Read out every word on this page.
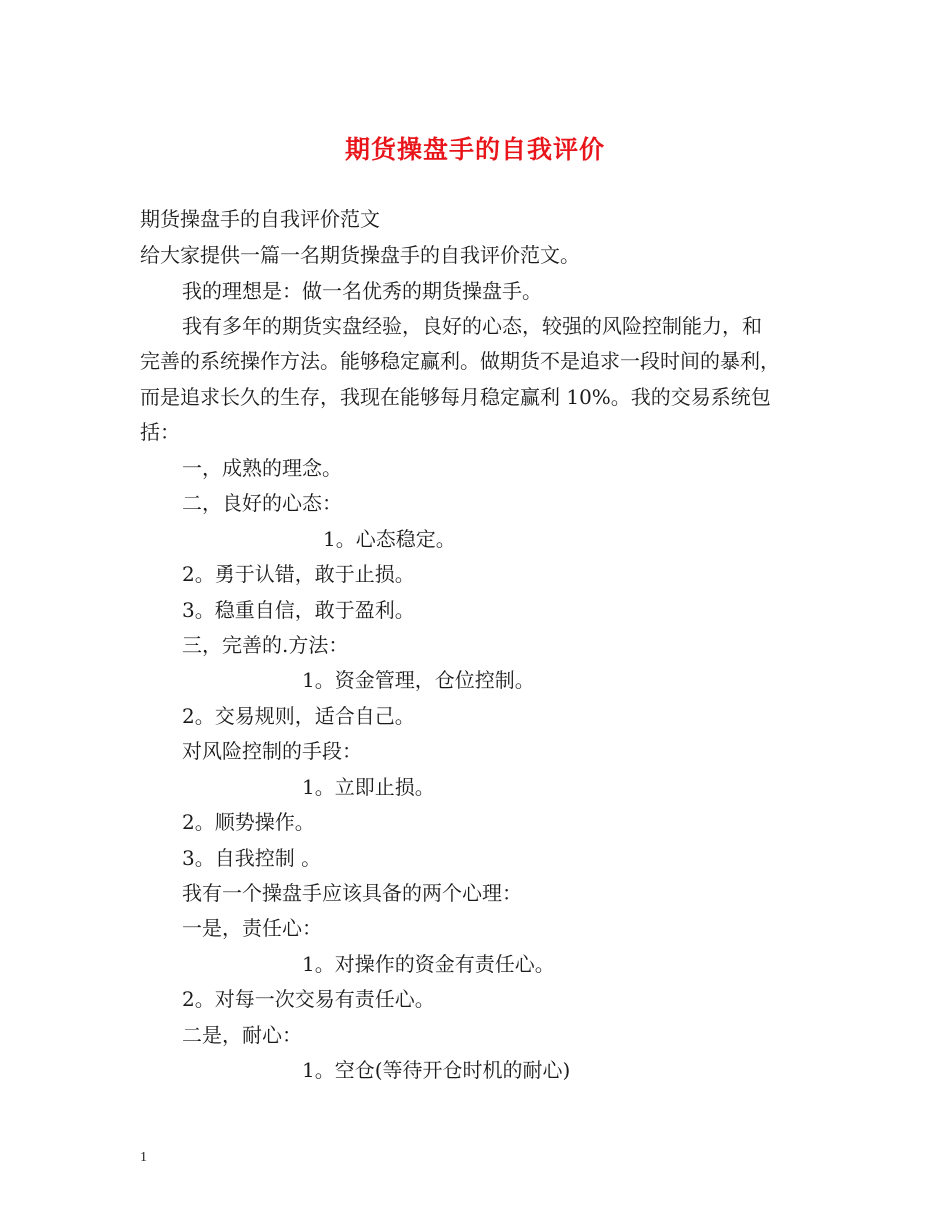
期货操盘手的自我评价
期货操盘手的自我评价范文
给大家提供一篇一名期货操盘手的自我评价范文。
我的理想是：做一名优秀的期货操盘手。
我有多年的期货实盘经验，良好的心态，较强的风险控制能力，和
完善的系统操作方法。能够稳定赢利。做期货不是追求一段时间的暴利，
而是追求长久的生存，我现在能够每月稳定赢利 10%。我的交易系统包
括：
一，成熟的理念。
二，良好的心态：
1。心态稳定。
2。勇于认错，敢于止损。
3。稳重自信，敢于盈利。
三，完善的.方法：
1。资金管理，仓位控制。
2。交易规则，适合自己。
对风险控制的手段：
1。立即止损。
2。顺势操作。
3。自我控制 。
我有一个操盘手应该具备的两个心理：
一是，责任心：
1。对操作的资金有责任心。
2。对每一次交易有责任心。
二是，耐心：
1。空仓(等待开仓时机的耐心)
1
